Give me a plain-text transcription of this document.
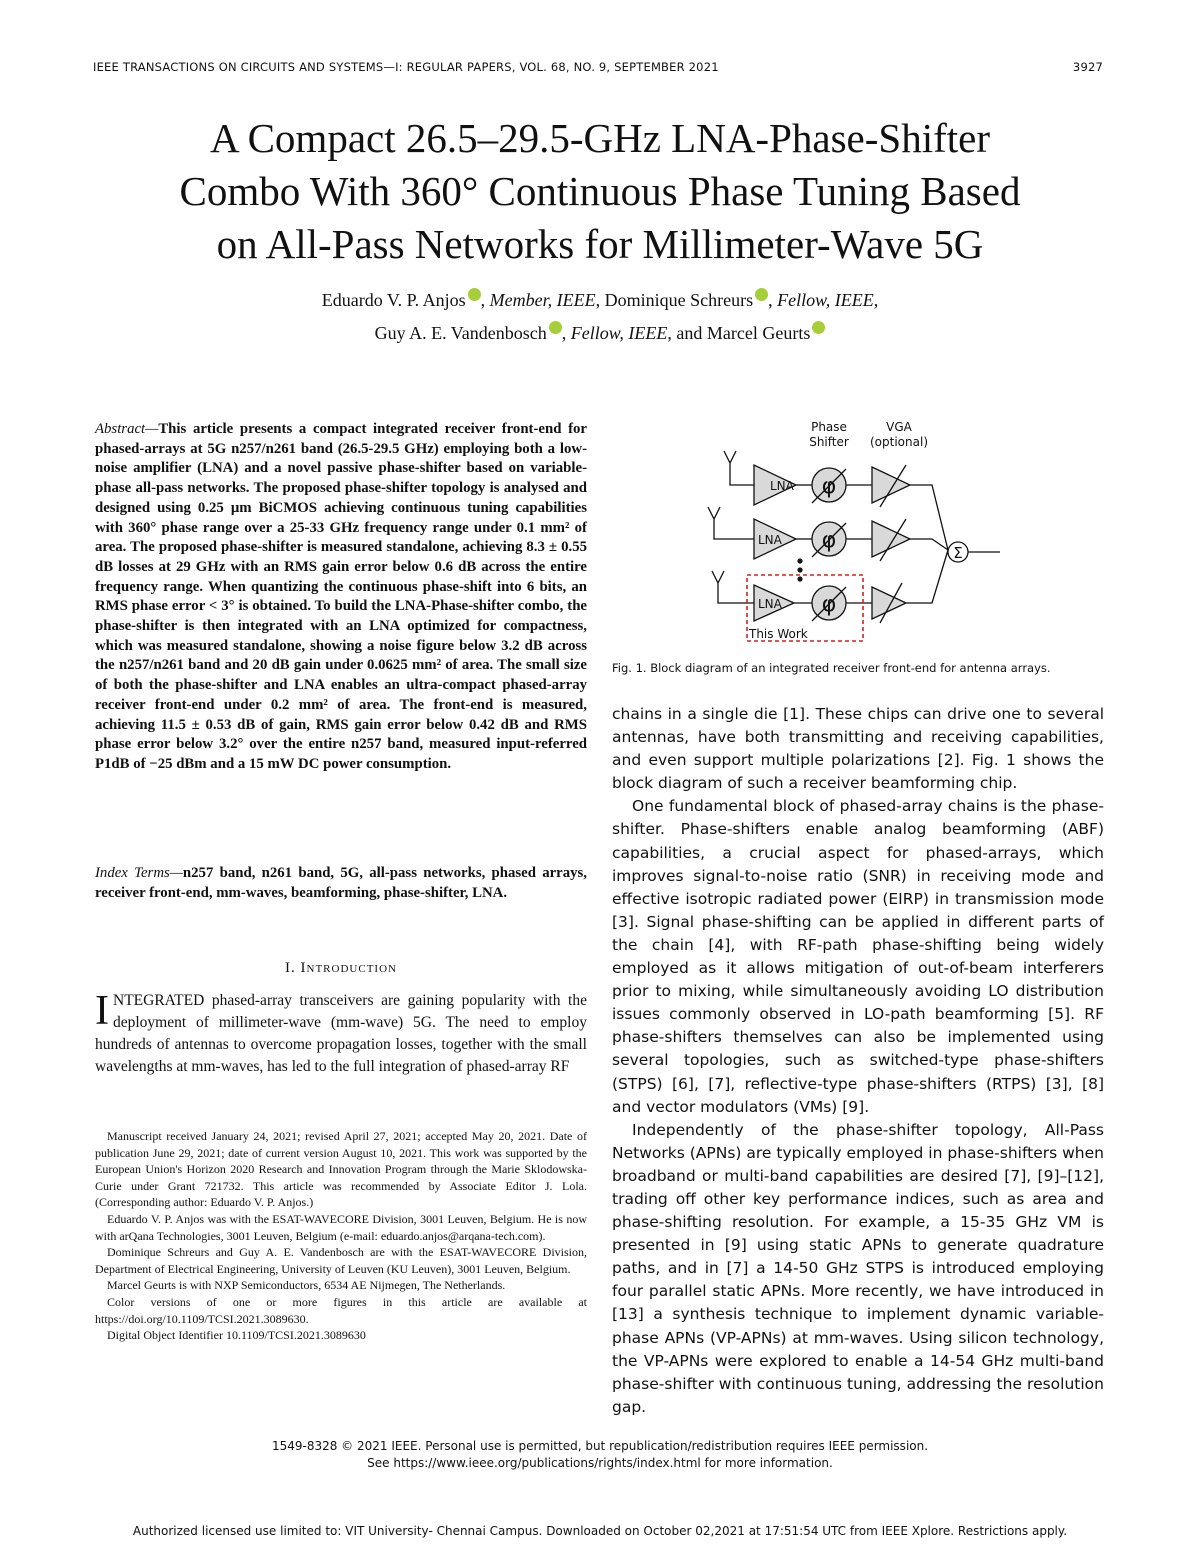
IEEE TRANSACTIONS ON CIRCUITS AND SYSTEMS—I: REGULAR PAPERS, VOL. 68, NO. 9, SEPTEMBER 2021	3927
A Compact 26.5–29.5-GHz LNA-Phase-Shifter
Combo With 360° Continuous Phase Tuning Based
on All-Pass Networks for Millimeter-Wave 5G
Eduardo V. P. Anjos , Member, IEEE, Dominique Schreurs , Fellow, IEEE,
Guy A. E. Vandenbosch , Fellow, IEEE, and Marcel Geurts
Abstract—This article presents a compact integrated receiver front-end for phased-arrays at 5G n257/n261 band (26.5-29.5 GHz) employing both a low-noise amplifier (LNA) and a novel passive phase-shifter based on variable-phase all-pass networks. The proposed phase-shifter topology is analysed and designed using 0.25 μm BiCMOS achieving continuous tuning capabilities with 360° phase range over a 25-33 GHz frequency range under 0.1 mm² of area. The proposed phase-shifter is measured standalone, achieving 8.3 ± 0.55 dB losses at 29 GHz with an RMS gain error below 0.6 dB across the entire frequency range. When quantizing the continuous phase-shift into 6 bits, an RMS phase error < 3° is obtained. To build the LNA-Phase-shifter combo, the phase-shifter is then integrated with an LNA optimized for compactness, which was measured standalone, showing a noise figure below 3.2 dB across the n257/n261 band and 20 dB gain under 0.0625 mm² of area. The small size of both the phase-shifter and LNA enables an ultra-compact phased-array receiver front-end under 0.2 mm² of area. The front-end is measured, achieving 11.5 ± 0.53 dB of gain, RMS gain error below 0.42 dB and RMS phase error below 3.2° over the entire n257 band, measured input-referred P1dB of −25 dBm and a 15 mW DC power consumption.
Index Terms—n257 band, n261 band, 5G, all-pass networks, phased arrays, receiver front-end, mm-waves, beamforming, phase-shifter, LNA.
I. Introduction
INTEGRATED phased-array transceivers are gaining popularity with the deployment of millimeter-wave (mm-wave) 5G. The need to employ hundreds of antennas to overcome propagation losses, together with the small wavelengths at mm-waves, has led to the full integration of phased-array RF

Manuscript received January 24, 2021; revised April 27, 2021; accepted May 20, 2021. Date of publication June 29, 2021; date of current version August 10, 2021. This work was supported by the European Union's Horizon 2020 Research and Innovation Program through the Marie Sklodowska-Curie under Grant 721732. This article was recommended by Associate Editor J. Lola. (Corresponding author: Eduardo V. P. Anjos.)

Eduardo V. P. Anjos was with the ESAT-WAVECORE Division, 3001 Leuven, Belgium. He is now with arQana Technologies, 3001 Leuven, Belgium (e-mail: eduardo.anjos@arqana-tech.com).

Dominique Schreurs and Guy A. E. Vandenbosch are with the ESAT-WAVECORE Division, Department of Electrical Engineering, University of Leuven (KU Leuven), 3001 Leuven, Belgium.

Marcel Geurts is with NXP Semiconductors, 6534 AE Nijmegen, The Netherlands.

Color versions of one or more figures in this article are available at https://doi.org/10.1109/TCSI.2021.3089630.

Digital Object Identifier 10.1109/TCSI.2021.3089630

Phase
Shifter
VGA
(optional)
LNA φ
LNA φ
LNA φ
Σ
This Work
Fig. 1. Block diagram of an integrated receiver front-end for antenna arrays.

chains in a single die [1]. These chips can drive one to several antennas, have both transmitting and receiving capabilities, and even support multiple polarizations [2]. Fig. 1 shows the block diagram of such a receiver beamforming chip.

One fundamental block of phased-array chains is the phase-shifter. Phase-shifters enable analog beamforming (ABF) capabilities, a crucial aspect for phased-arrays, which improves signal-to-noise ratio (SNR) in receiving mode and effective isotropic radiated power (EIRP) in transmission mode [3]. Signal phase-shifting can be applied in different parts of the chain [4], with RF-path phase-shifting being widely employed as it allows mitigation of out-of-beam interferers prior to mixing, while simultaneously avoiding LO distribution issues commonly observed in LO-path beamforming [5]. RF phase-shifters themselves can also be implemented using several topologies, such as switched-type phase-shifters (STPS) [6], [7], reflective-type phase-shifters (RTPS) [3], [8] and vector modulators (VMs) [9].

Independently of the phase-shifter topology, All-Pass Networks (APNs) are typically employed in phase-shifters when broadband or multi-band capabilities are desired [7], [9]–[12], trading off other key performance indices, such as area and phase-shifting resolution. For example, a 15-35 GHz VM is presented in [9] using static APNs to generate quadrature paths, and in [7] a 14-50 GHz STPS is introduced employing four parallel static APNs. More recently, we have introduced in [13] a synthesis technique to implement dynamic variable-phase APNs (VP-APNs) at mm-waves. Using silicon technology, the VP-APNs were explored to enable a 14-54 GHz multi-band phase-shifter with continuous tuning, addressing the resolution gap.

1549-8328 © 2021 IEEE. Personal use is permitted, but republication/redistribution requires IEEE permission.
See https://www.ieee.org/publications/rights/index.html for more information.
Authorized licensed use limited to: VIT University- Chennai Campus. Downloaded on October 02,2021 at 17:51:54 UTC from IEEE Xplore. Restrictions apply.
